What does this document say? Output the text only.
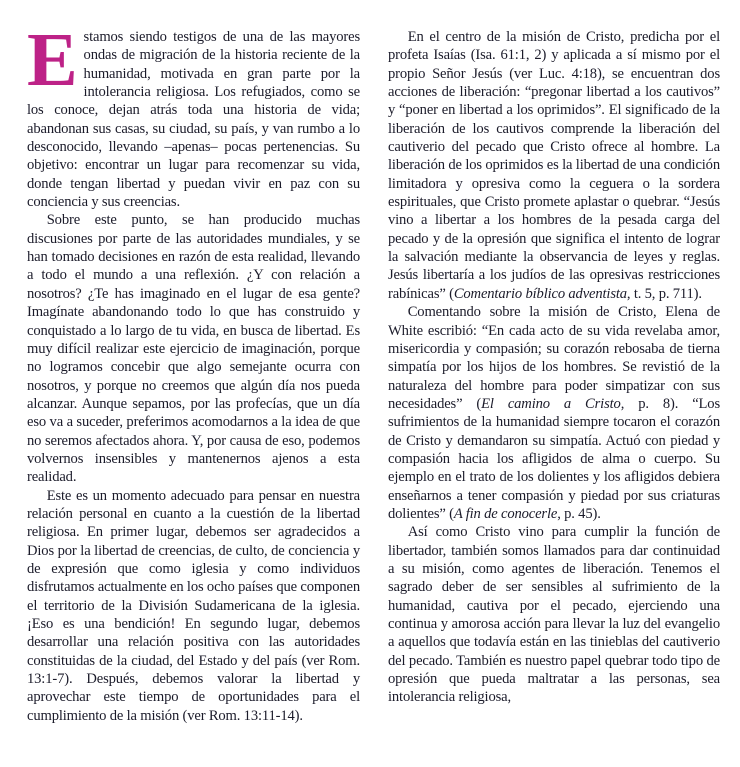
Estamos siendo testigos de una de las mayores ondas de migración de la historia reciente de la humanidad, motivada en gran parte por la intolerancia religiosa. Los refugiados, como se los conoce, dejan atrás toda una historia de vida; abandonan sus casas, su ciudad, su país, y van rumbo a lo desconocido, llevando –apenas– pocas pertenencias. Su objetivo: encontrar un lugar para recomenzar su vida, donde tengan libertad y puedan vivir en paz con su conciencia y sus creencias.

Sobre este punto, se han producido muchas discusiones por parte de las autoridades mundiales, y se han tomado decisiones en razón de esta realidad, llevando a todo el mundo a una reflexión. ¿Y con relación a nosotros? ¿Te has imaginado en el lugar de esa gente? Imagínate abandonando todo lo que has construido y conquistado a lo largo de tu vida, en busca de libertad. Es muy difícil realizar este ejercicio de imaginación, porque no logramos concebir que algo semejante ocurra con nosotros, y porque no creemos que algún día nos pueda alcanzar. Aunque sepamos, por las profecías, que un día eso va a suceder, preferimos acomodarnos a la idea de que no seremos afectados ahora. Y, por causa de eso, podemos volvernos insensibles y mantenernos ajenos a esta realidad.

Este es un momento adecuado para pensar en nuestra relación personal en cuanto a la cuestión de la libertad religiosa. En primer lugar, debemos ser agradecidos a Dios por la libertad de creencias, de culto, de conciencia y de expresión que como iglesia y como individuos disfrutamos actualmente en los ocho países que componen el territorio de la División Sudamericana de la iglesia. ¡Eso es una bendición! En segundo lugar, debemos desarrollar una relación positiva con las autoridades constituidas de la ciudad, del Estado y del país (ver Rom. 13:1-7). Después, debemos valorar la libertad y aprovechar este tiempo de oportunidades para el cumplimiento de la misión (ver Rom. 13:11-14).

En el centro de la misión de Cristo, predicha por el profeta Isaías (Isa. 61:1, 2) y aplicada a sí mismo por el propio Señor Jesús (ver Luc. 4:18), se encuentran dos acciones de liberación: “pregonar libertad a los cautivos” y “poner en libertad a los oprimidos”. El significado de la liberación de los cautivos comprende la liberación del cautiverio del pecado que Cristo ofrece al hombre. La liberación de los oprimidos es la libertad de una condición limitadora y opresiva como la ceguera o la sordera espirituales, que Cristo promete aplastar o quebrar. “Jesús vino a libertar a los hombres de la pesada carga del pecado y de la opresión que significa el intento de lograr la salvación mediante la observancia de leyes y reglas. Jesús libertaría a los judíos de las opresivas restricciones rabínicas” (Comentario bíblico adventista, t. 5, p. 711).

Comentando sobre la misión de Cristo, Elena de White escribió: “En cada acto de su vida revelaba amor, misericordia y compasión; su corazón rebosaba de tierna simpatía por los hijos de los hombres. Se revistió de la naturaleza del hombre para poder simpatizar con sus necesidades” (El camino a Cristo, p. 8). “Los sufrimientos de la humanidad siempre tocaron el corazón de Cristo y demandaron su simpatía. Actuó con piedad y compasión hacia los afligidos de alma o cuerpo. Su ejemplo en el trato de los dolientes y los afligidos debiera enseñarnos a tener compasión y piedad por sus criaturas dolientes” (A fin de conocerle, p. 45).

Así como Cristo vino para cumplir la función de libertador, también somos llamados para dar continuidad a su misión, como agentes de liberación. Tenemos el sagrado deber de ser sensibles al sufrimiento de la humanidad, cautiva por el pecado, ejerciendo una continua y amorosa acción para llevar la luz del evangelio a aquellos que todavía están en las tinieblas del cautiverio del pecado. También es nuestro papel quebrar todo tipo de opresión que pueda maltratar a las personas, sea intolerancia religiosa,
